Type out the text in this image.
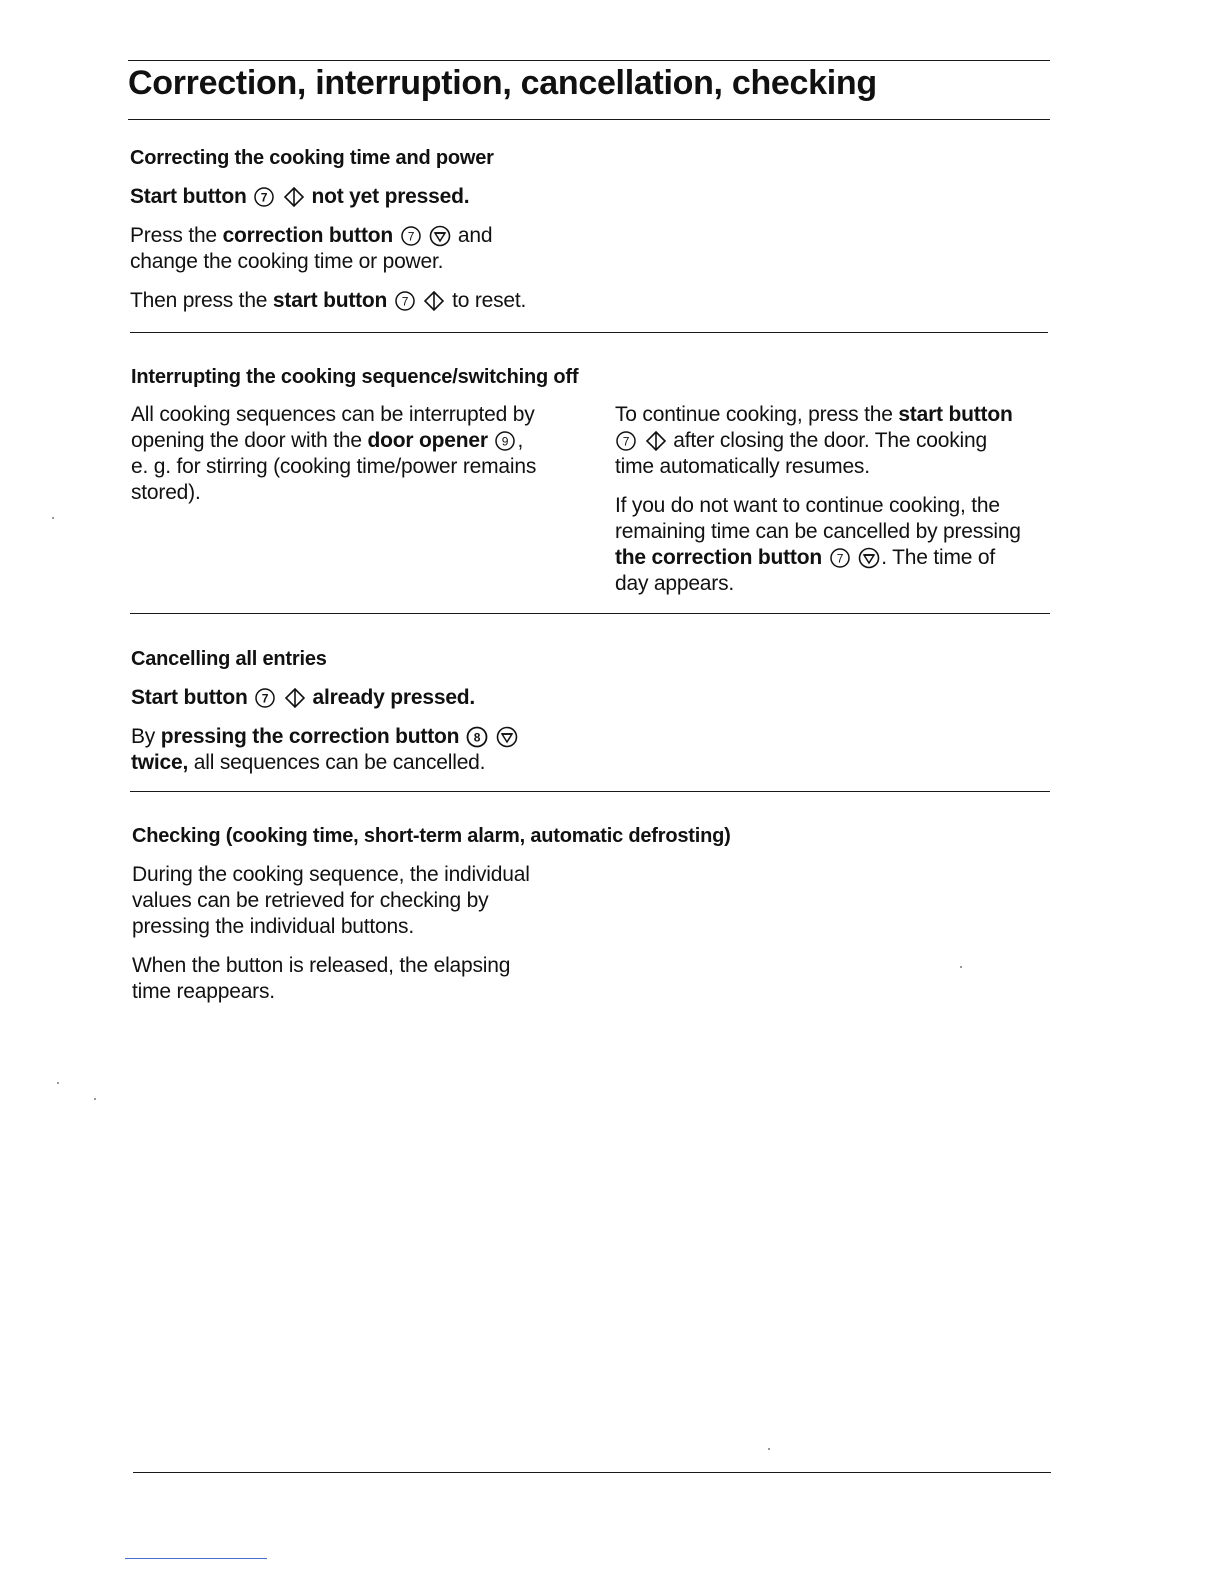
Correction, interruption, cancellation, checking
Correcting the cooking time and power
Start button 7
not yet pressed.
Press the correction button 7
and
change the cooking time or power.
Then press the start button 7
to reset.
Interrupting the cooking sequence/switching off
All cooking sequences can be interrupted by
opening the door with the door opener 9 ,
e. g. for stirring (cooking time/power remains
stored).
To continue cooking, press the start button

7
after closing the door. The cooking
time automatically resumes.
If you do not want to continue cooking, the
remaining time can be cancelled by pressing
the correction button 7
. The time of
day appears.
Cancelling all entries
Start button 7
already pressed.
By pressing the correction button 8

twice, all sequences can be cancelled.
Checking (cooking time, short-term alarm, automatic defrosting)
During the cooking sequence, the individual
values can be retrieved for checking by
pressing the individual buttons.
When the button is released, the elapsing
time reappears.
